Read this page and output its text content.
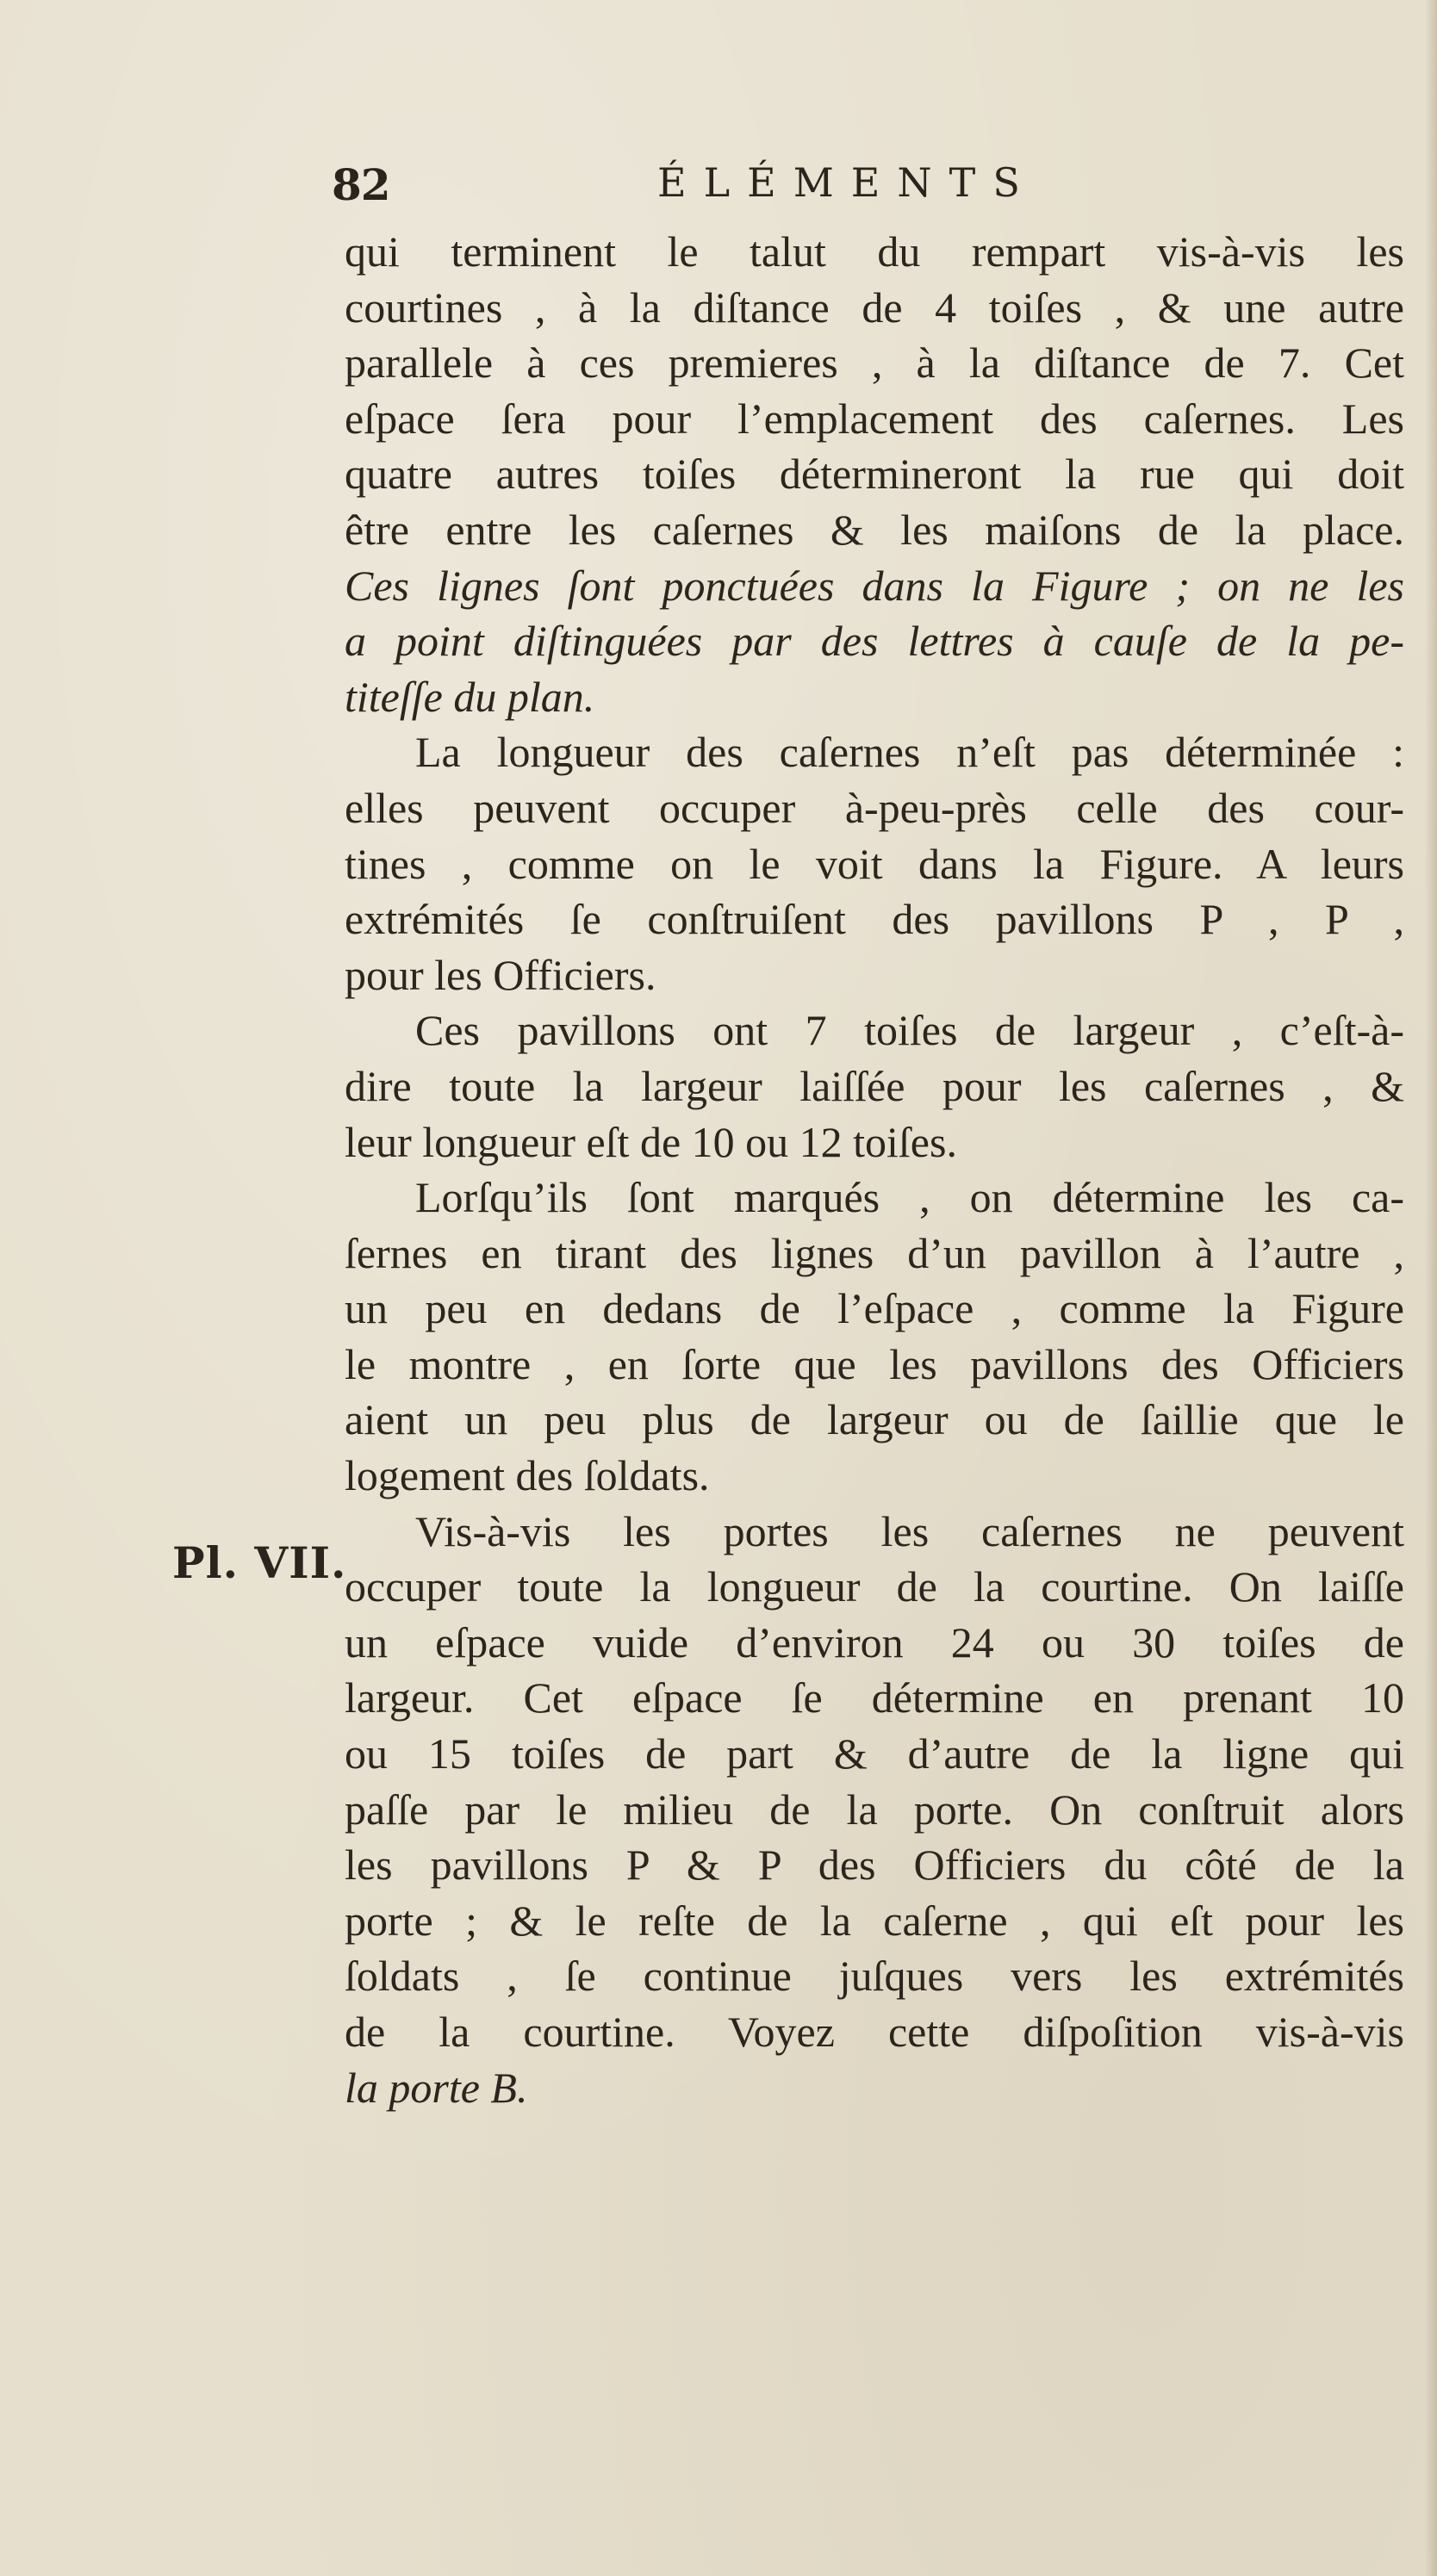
82	ÉLÉMENTS
Pl. VII.
qui terminent le talut du rempart vis-à-vis les
courtines , à la diſtance de 4 toiſes , & une autre
parallele à ces premieres , à la diſtance de 7. Cet
eſpace ſera pour l’emplacement des caſernes. Les
quatre autres toiſes détermineront la rue qui doit
être entre les caſernes & les maiſons de la place.
Ces lignes ſont ponctuées dans la Figure ; on ne les
a point diſtinguées par des lettres à cauſe de la pe-
titeſſe du plan.
La longueur des caſernes n’eſt pas déterminée :
elles peuvent occuper à-peu-près celle des cour-
tines , comme on le voit dans la Figure. A leurs
extrémités ſe conſtruiſent des pavillons P , P ,
pour les Officiers.
Ces pavillons ont 7 toiſes de largeur , c’eſt-à-
dire toute la largeur laiſſée pour les caſernes , &
leur longueur eſt de 10 ou 12 toiſes.
Lorſqu’ils ſont marqués , on détermine les ca-
ſernes en tirant des lignes d’un pavillon à l’autre ,
un peu en dedans de l’eſpace , comme la Figure
le montre , en ſorte que les pavillons des Officiers
aient un peu plus de largeur ou de ſaillie que le
logement des ſoldats.
Vis-à-vis les portes les caſernes ne peuvent
occuper toute la longueur de la courtine. On laiſſe
un eſpace vuide d’environ 24 ou 30 toiſes de
largeur. Cet eſpace ſe détermine en prenant 10
ou 15 toiſes de part & d’autre de la ligne qui
paſſe par le milieu de la porte. On conſtruit alors
les pavillons P & P des Officiers du côté de la
porte ; & le reſte de la caſerne , qui eſt pour les
ſoldats , ſe continue juſques vers les extrémités
de la courtine. Voyez cette diſpoſition vis-à-vis
la porte B.
